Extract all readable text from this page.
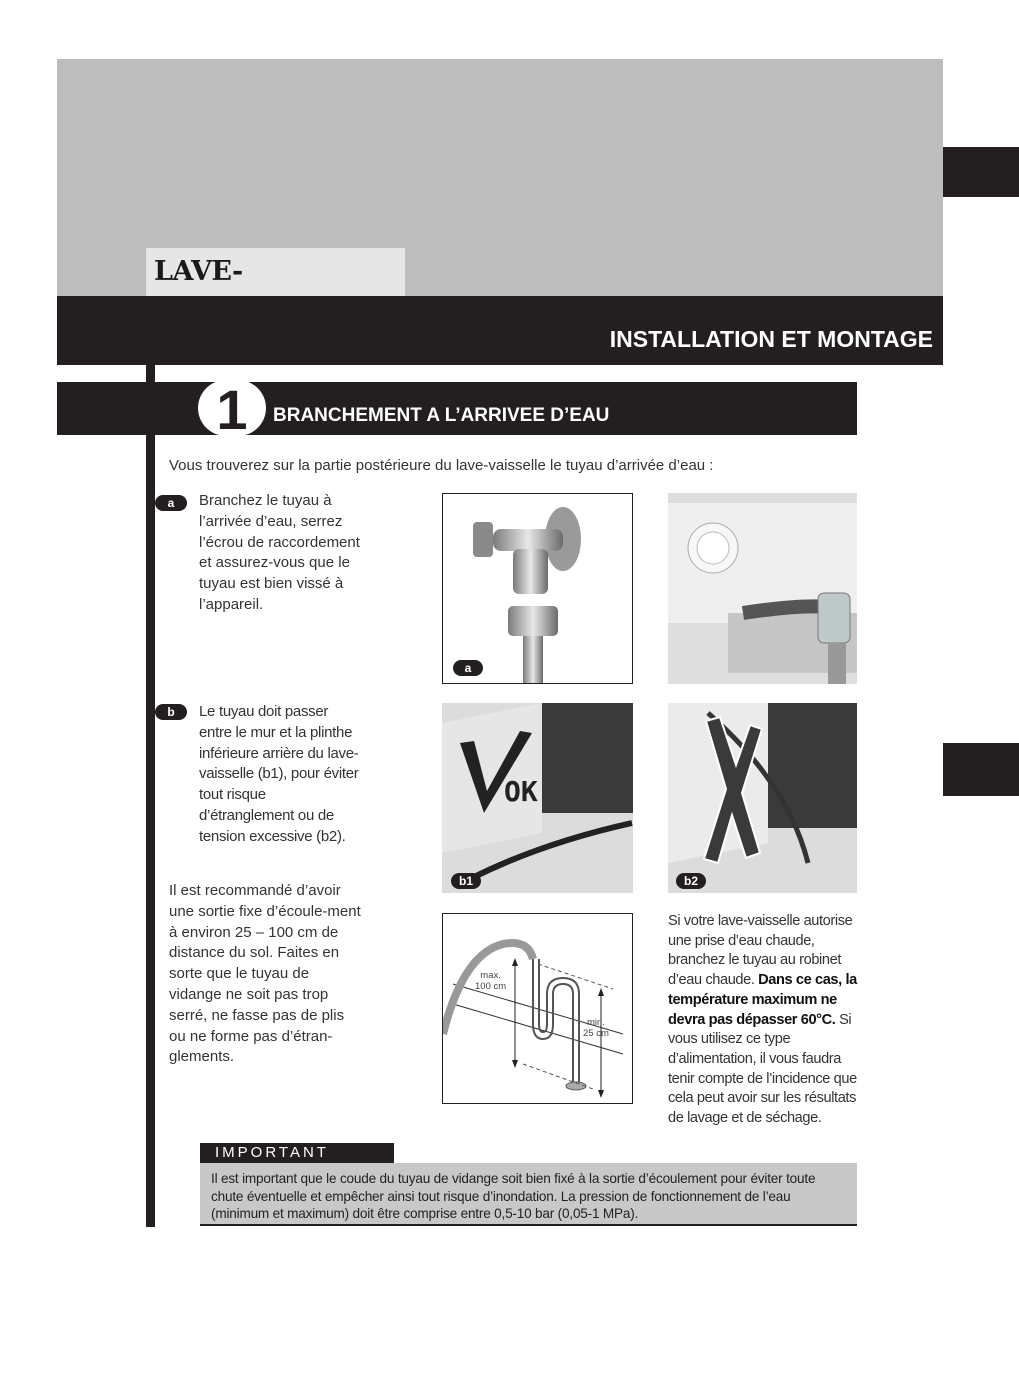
LAVE-
INSTALLATION ET MONTAGE
1	BRANCHEMENT A L’ARRIVEE D’EAU
Vous trouverez sur la partie postérieure du lave-vaisselle le tuyau d’arrivée d’eau :
a	Branchez le tuyau à l’arrivée d’eau, serrez l’écrou de raccordement et assurez-vous que le tuyau est bien vissé à l’appareil.
b	Le tuyau doit passer entre le mur et la plinthe inférieure arrière du lave-vaisselle (b1), pour éviter tout risque d’étranglement ou de tension excessive (b2).
Il est recommandé d’avoir une sortie fixe d’écoule-ment à environ 25 – 100 cm de distance du sol. Faites en sorte que le tuyau de vidange ne soit pas trop serré, ne fasse pas de plis ou ne forme pas d’étran-glements.
a
OK
b1	b2
max.
100 cm
min.
25 cm
Si votre lave-vaisselle autorise une prise d’eau chaude, branchez le tuyau au robinet d’eau chaude. Dans ce cas, la température maximum ne devra pas dépasser 60°C. Si vous utilisez ce type d’alimentation, il vous faudra tenir compte de l’incidence que cela peut avoir sur les résultats de lavage et de séchage.
IMPORTANT
Il est important que le coude du tuyau de vidange soit bien fixé à la sortie d’écoulement pour éviter toute chute éventuelle et empêcher ainsi tout risque d’inondation. La pression de fonctionnement de l’eau (minimum et maximum) doit être comprise entre 0,5-10 bar (0,05-1 MPa).
